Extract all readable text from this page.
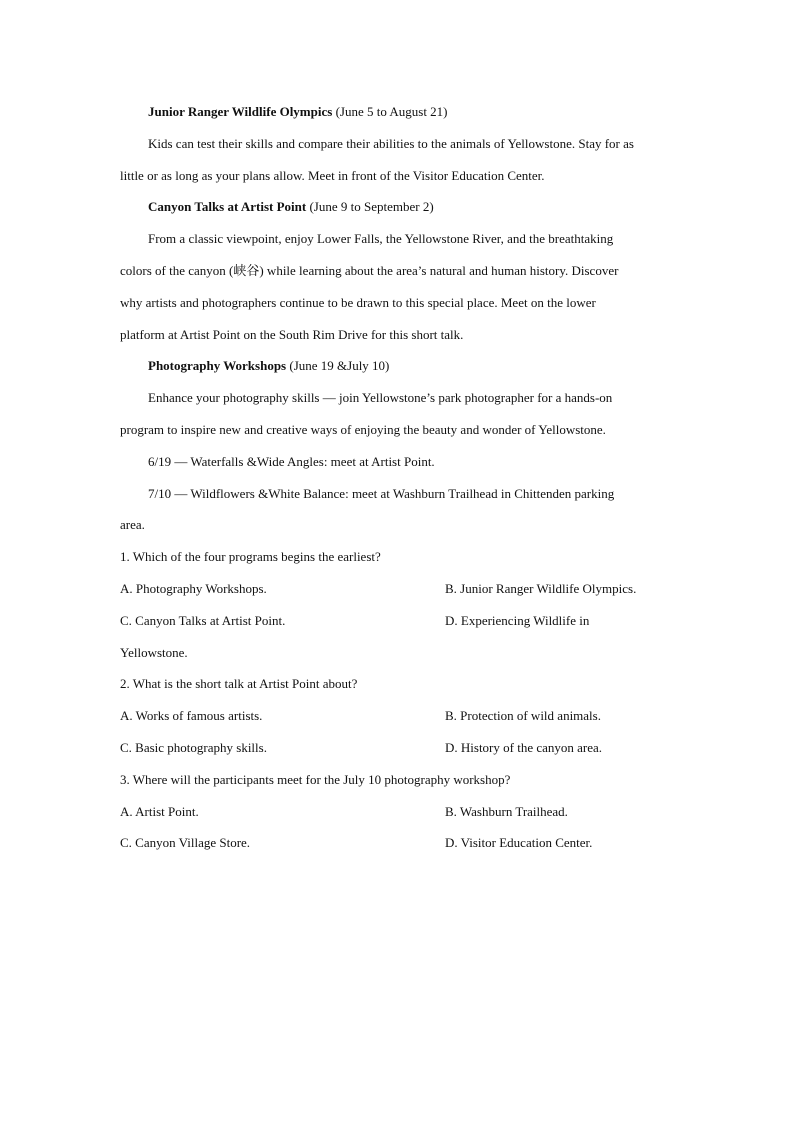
Junior Ranger Wildlife Olympics (June 5 to August 21)
Kids can test their skills and compare their abilities to the animals of Yellowstone. Stay for as
little or as long as your plans allow. Meet in front of the Visitor Education Center.
Canyon Talks at Artist Point (June 9 to September 2)
From a classic viewpoint, enjoy Lower Falls, the Yellowstone River, and the breathtaking
colors of the canyon (峡谷) while learning about the area’s natural and human history. Discover
why artists and photographers continue to be drawn to this special place. Meet on the lower
platform at Artist Point on the South Rim Drive for this short talk.
Photography Workshops (June 19 &July 10)
Enhance your photography skills — join Yellowstone’s park photographer for a hands-on
program to inspire new and creative ways of enjoying the beauty and wonder of Yellowstone.
6/19 — Waterfalls &Wide Angles: meet at Artist Point.
7/10 — Wildflowers &White Balance: meet at Washburn Trailhead in Chittenden parking
area.
1. Which of the four programs begins the earliest?
A. Photography Workshops.	B. Junior Ranger Wildlife Olympics.
C. Canyon Talks at Artist Point.	D. Experiencing Wildlife in
Yellowstone.
2. What is the short talk at Artist Point about?
A. Works of famous artists.	B. Protection of wild animals.
C. Basic photography skills.	D. History of the canyon area.
3. Where will the participants meet for the July 10 photography workshop?
A. Artist Point.	B. Washburn Trailhead.
C. Canyon Village Store.	D. Visitor Education Center.
